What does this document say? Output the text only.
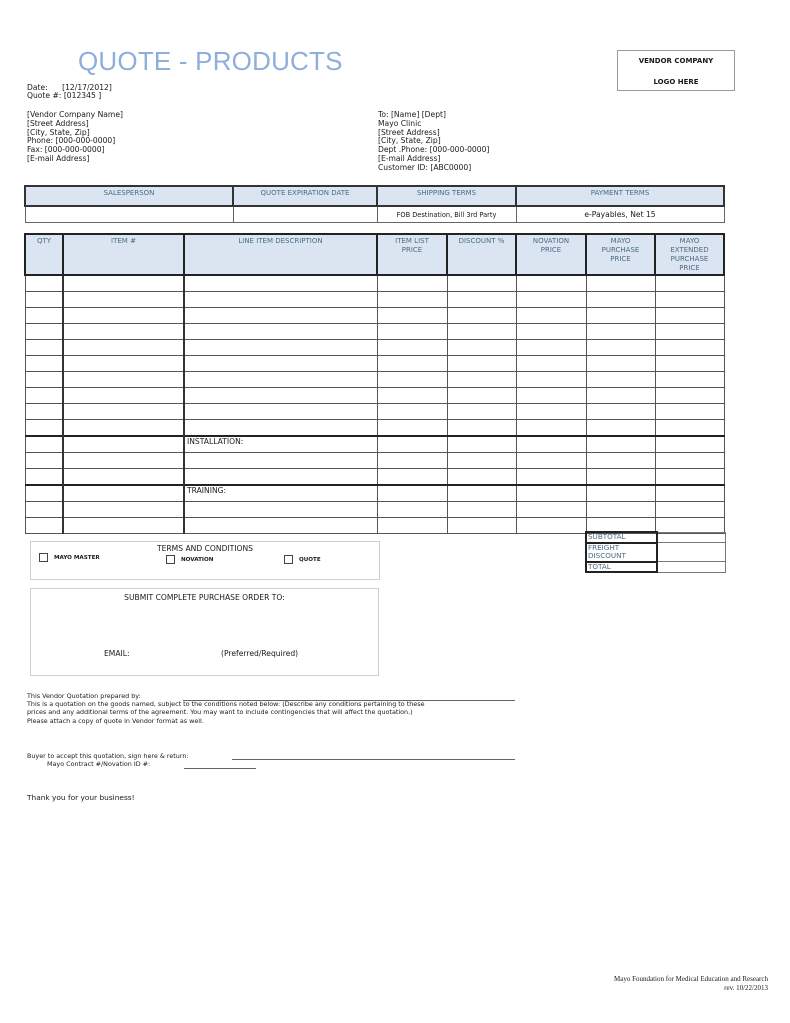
QUOTE - PRODUCTS
Date: [12/17/2012]
Quote #: [012345 ]
VENDOR COMPANY
LOGO HERE
[Vendor Company Name]
[Street Address]
[City, State, Zip]
Phone: [000-000-0000]
Fax: [000-000-0000]
[E-mail Address]
To: [Name] [Dept]
Mayo Clinic
[Street Address]
[City, State, Zip]
Dept .Phone: [000-000-0000]
[E-mail Address]
Customer ID: [ABC0000]
SALESPERSON	QUOTE EXPIRATION DATE	SHIPPING TERMS	PAYMENT TERMS
		FOB Destination, Bill 3rd Party	e-Payables, Net 15
QTY	ITEM #	LINE ITEM DESCRIPTION	ITEM LIST PRICE	DISCOUNT %	NOVATION PRICE	MAYO PURCHASE PRICE	MAYO EXTENDED PURCHASE PRICE

		INSTALLATION:					

		TRAINING:					

SUBTOTAL	
FREIGHT	
DISCOUNT	
TOTAL	
TERMS AND CONDITIONS
MAYO MASTER	NOVATION	QUOTE
SUBMIT COMPLETE PURCHASE ORDER TO:
EMAIL:	(Preferred/Required)
This Vendor Quotation prepared by:
This is a quotation on the goods named, subject to the conditions noted below: (Describe any conditions pertaining to these
prices and any additional terms of the agreement. You may want to include contingencies that will affect the quotation.)
Please attach a copy of quote in Vendor format as well.
Buyer to accept this quotation, sign here & return:
Mayo Contract #/Novation ID #:
Thank you for your business!
Mayo Foundation for Medical Education and Research
rev. 10/22/2013
